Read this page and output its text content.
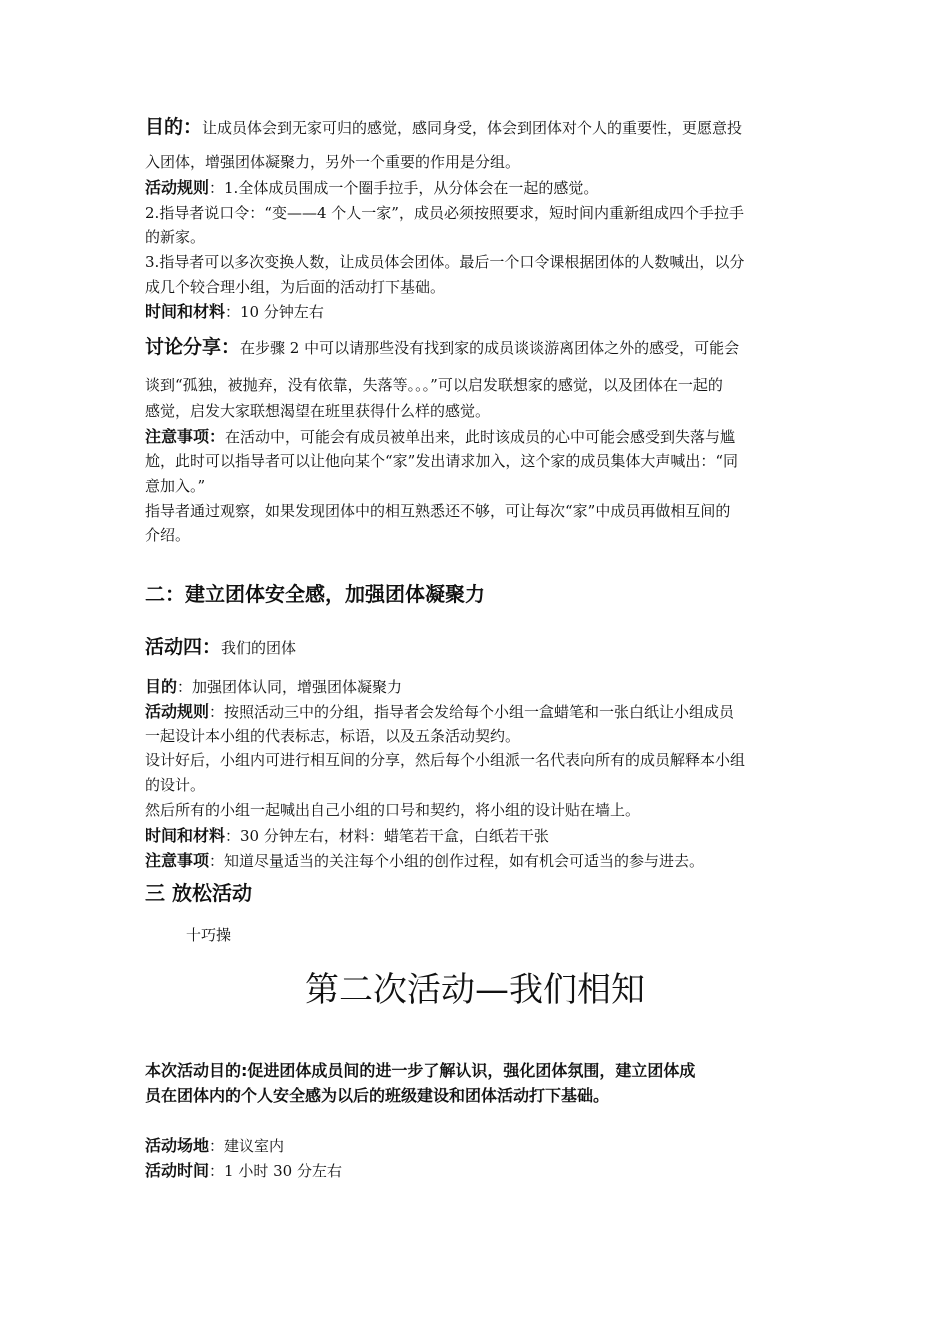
目的：让成员体会到无家可归的感觉，感同身受，体会到团体对个人的重要性，更愿意投
入团体，增强团体凝聚力，另外一个重要的作用是分组。
活动规则：1.全体成员围成一个圈手拉手，从分体会在一起的感觉。
2.指导者说口令：“变——4 个人一家”，成员必须按照要求，短时间内重新组成四个手拉手
的新家。
3.指导者可以多次变换人数，让成员体会团体。最后一个口令课根据团体的人数喊出，以分
成几个较合理小组，为后面的活动打下基础。
时间和材料：10 分钟左右
讨论分享：在步骤 2 中可以请那些没有找到家的成员谈谈游离团体之外的感受，可能会
谈到“孤独，被抛弃，没有依靠，失落等。。。”可以启发联想家的感觉，以及团体在一起的
感觉，启发大家联想渴望在班里获得什么样的感觉。
注意事项：在活动中，可能会有成员被单出来，此时该成员的心中可能会感受到失落与尴
尬，此时可以指导者可以让他向某个“家”发出请求加入，这个家的成员集体大声喊出：“同
意加入。”
指导者通过观察，如果发现团体中的相互熟悉还不够，可让每次“家”中成员再做相互间的
介绍。
二：建立团体安全感，加强团体凝聚力
活动四：我们的团体
目的：加强团体认同，增强团体凝聚力
活动规则：按照活动三中的分组，指导者会发给每个小组一盒蜡笔和一张白纸让小组成员
一起设计本小组的代表标志，标语，以及五条活动契约。
设计好后，小组内可进行相互间的分享，然后每个小组派一名代表向所有的成员解释本小组
的设计。
然后所有的小组一起喊出自己小组的口号和契约，将小组的设计贴在墙上。
时间和材料：30 分钟左右，材料：蜡笔若干盒，白纸若干张
注意事项：知道尽量适当的关注每个小组的创作过程，如有机会可适当的参与进去。
三 放松活动
十巧操
第二次活动—我们相知
本次活动目的:促进团体成员间的进一步了解认识，强化团体氛围，建立团体成
员在团体内的个人安全感为以后的班级建设和团体活动打下基础。
活动场地：建议室内
活动时间：1 小时 30 分左右
